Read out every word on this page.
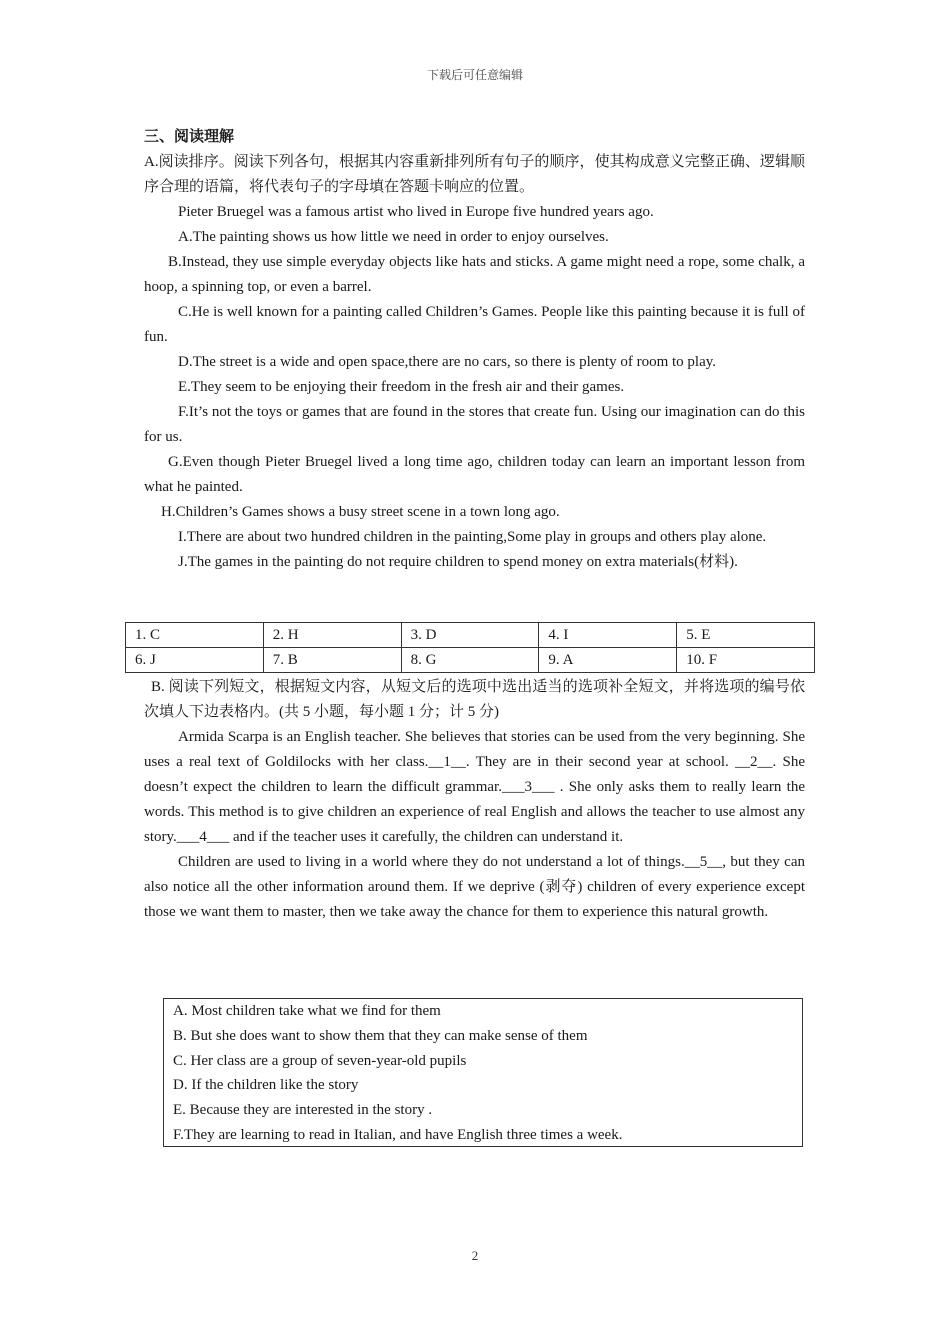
下载后可任意编辑

三、阅读理解

A.阅读排序。阅读下列各句，根据其内容重新排列所有句子的顺序，使其构成意义完整正确、逻辑顺序合理的语篇，将代表句子的字母填在答题卡响应的位置。

Pieter Bruegel was a famous artist who lived in Europe five hundred years ago.

A.The painting shows us how little we need in order to enjoy ourselves.

B.Instead, they use simple everyday objects like hats and sticks. A game might need a rope, some chalk, a hoop, a spinning top, or even a barrel.

C.He is well known for a painting called Children’s Games. People like this painting because it is full of fun.

D.The street is a wide and open space,there are no cars, so there is plenty of room to play.

E.They seem to be enjoying their freedom in the fresh air and their games.

F.It’s not the toys or games that are found in the stores that create fun. Using our imagination can do this for us.

G.Even though Pieter Bruegel lived a long time ago, children today can learn an important lesson from what he painted.

H.Children’s Games shows a busy street scene in a town long ago.

I.There are about two hundred children in the painting,Some play in groups and others play alone.

J.The games in the painting do not require children to spend money on extra materials(材料).

1. C	2. H	3. D	4. I	5. E
6. J	7. B	8. G	9. A	10. F

B. 阅读下列短文，根据短文内容，从短文后的选项中选出适当的选项补全短文，并将选项的编号依次填人下边表格内。(共 5 小题，每小题 1 分；计 5 分)

Armida Scarpa is an English teacher. She believes that stories can be used from the very beginning. She uses a real text of Goldilocks with her class.__1__. They are in their second year at school. __2__. She doesn’t expect the children to learn the difficult grammar.___3___ . She only asks them to really learn the words. This method is to give children an experience of real English and allows the teacher to use almost any story.___4___ and if the teacher uses it carefully, the children can understand it.

Children are used to living in a world where they do not understand a lot of things.__5__, but they can also notice all the other information around them. If we deprive (剥夺) children of every experience except those we want them to master, then we take away the chance for them to experience this natural growth.

A. Most children take what we find for them

B. But she does want to show them that they can make sense of them

C. Her class are a group of seven-year-old pupils

D. If the children like the story

E. Because they are interested in the story .

F.They are learning to read in Italian, and have English three times a week.

2
